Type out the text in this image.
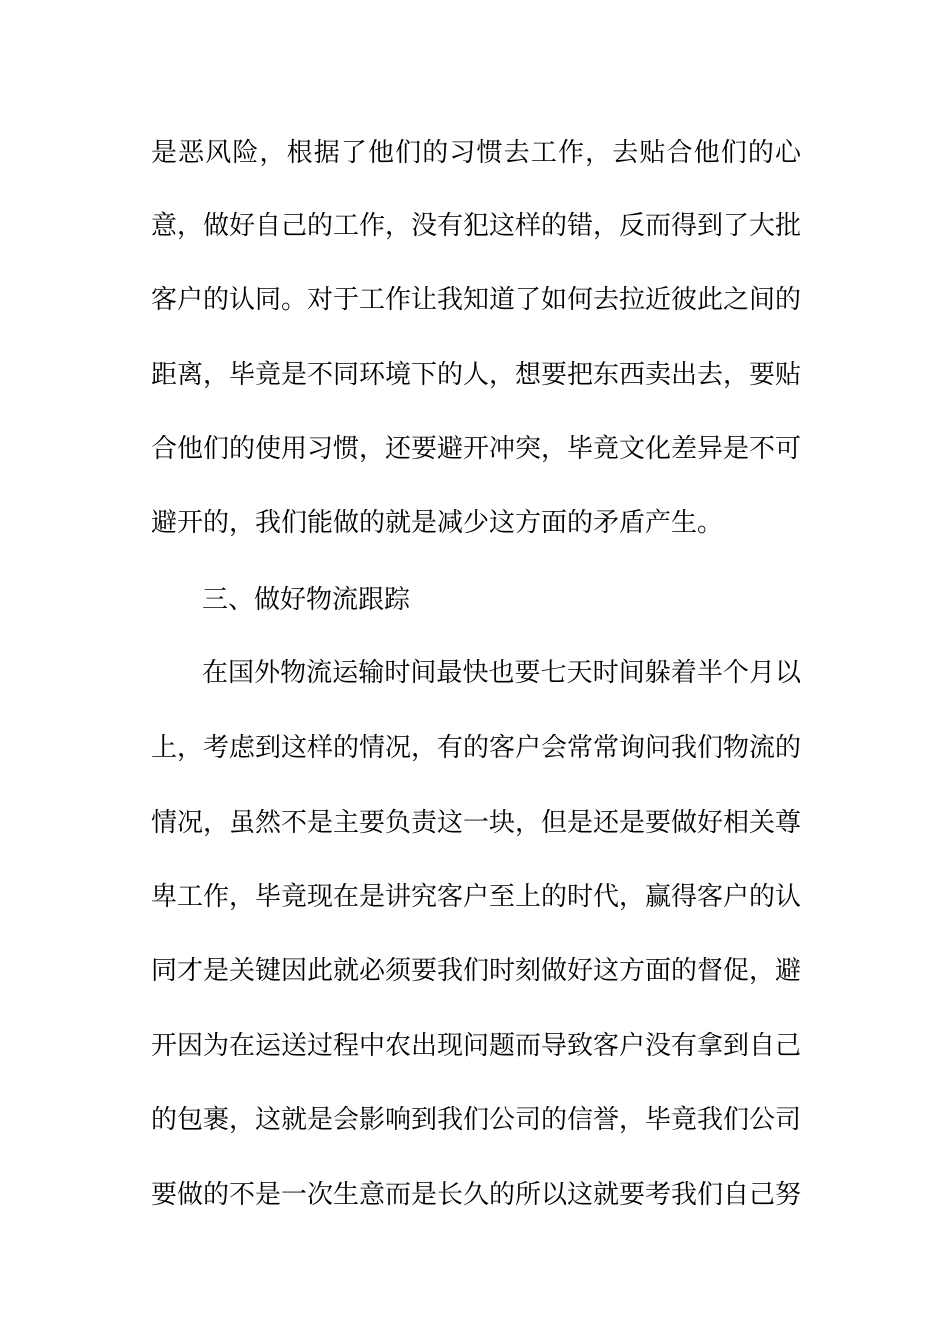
是恶风险，根据了他们的习惯去工作，去贴合他们的心
意，做好自己的工作，没有犯这样的错，反而得到了大批
客户的认同。对于工作让我知道了如何去拉近彼此之间的
距离，毕竟是不同环境下的人，想要把东西卖出去，要贴
合他们的使用习惯，还要避开冲突，毕竟文化差异是不可
避开的，我们能做的就是减少这方面的矛盾产生。
三、做好物流跟踪
在国外物流运输时间最快也要七天时间躲着半个月以
上，考虑到这样的情况，有的客户会常常询问我们物流的
情况，虽然不是主要负责这一块，但是还是要做好相关尊
卑工作，毕竟现在是讲究客户至上的时代，赢得客户的认
同才是关键因此就必须要我们时刻做好这方面的督促，避
开因为在运送过程中农出现问题而导致客户没有拿到自己
的包裹，这就是会影响到我们公司的信誉，毕竟我们公司
要做的不是一次生意而是长久的所以这就要考我们自己努
